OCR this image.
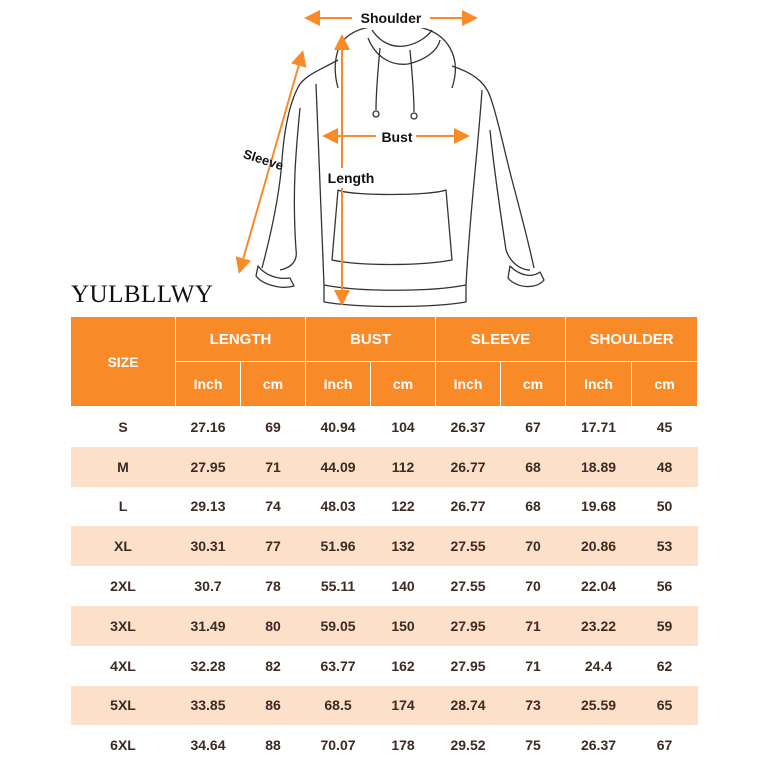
Shoulder
Bust
Length
Sleeve
YULBLLWY
SIZE	LENGTH		BUST		SLEEVE		SHOULDER	
	Inch	cm	Inch	cm	Inch	cm	Inch	cm
S	27.16	69	40.94	104	26.37	67	17.71	45
M	27.95	71	44.09	112	26.77	68	18.89	48
L	29.13	74	48.03	122	26.77	68	19.68	50
XL	30.31	77	51.96	132	27.55	70	20.86	53
2XL	30.7	78	55.11	140	27.55	70	22.04	56
3XL	31.49	80	59.05	150	27.95	71	23.22	59
4XL	32.28	82	63.77	162	27.95	71	24.4	62
5XL	33.85	86	68.5	174	28.74	73	25.59	65
6XL	34.64	88	70.07	178	29.52	75	26.37	67
